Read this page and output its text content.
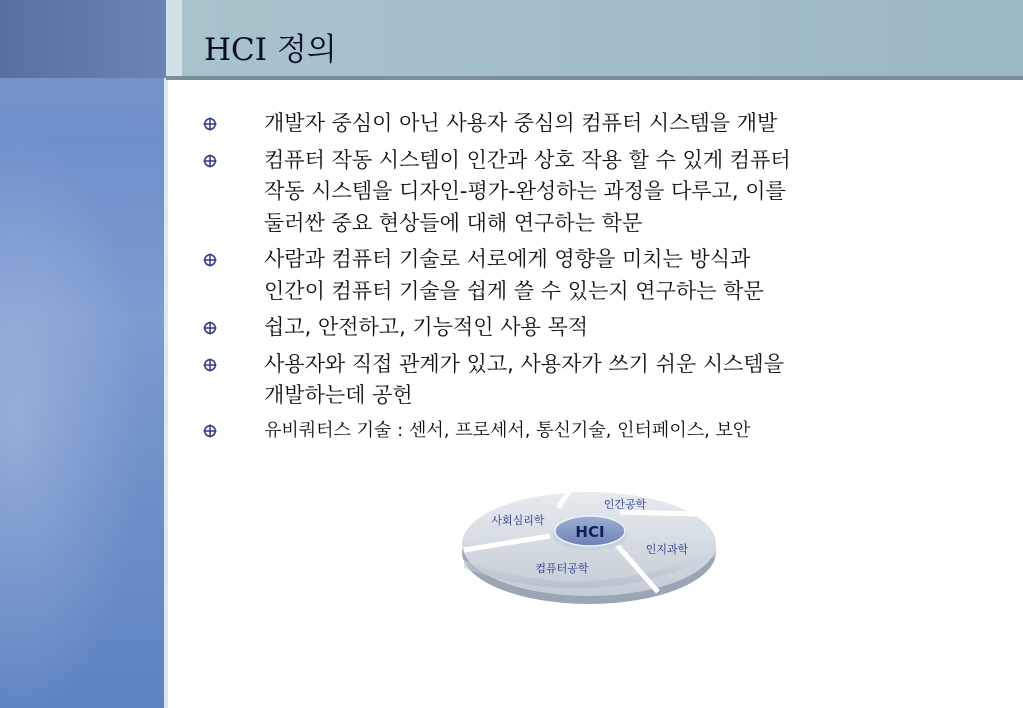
HCI 정의
개발자 중심이 아닌 사용자 중심의 컴퓨터 시스템을 개발
컴퓨터 작동 시스템이 인간과 상호 작용 할 수 있게 컴퓨터
작동 시스템을 디자인-평가-완성하는 과정을 다루고, 이를
둘러싼 중요 현상들에 대해 연구하는 학문
사람과 컴퓨터 기술로 서로에게 영향을 미치는 방식과
인간이 컴퓨터 기술을 쉽게 쓸 수 있는지 연구하는 학문
쉽고, 안전하고, 기능적인 사용 목적
사용자와 직접 관계가 있고, 사용자가 쓰기 쉬운 시스템을
개발하는데 공헌
유비쿼터스 기술 : 센서, 프로세서, 통신기술, 인터페이스, 보안
HCI
인간공학
사회심리학
인지과학
컴퓨터공학
